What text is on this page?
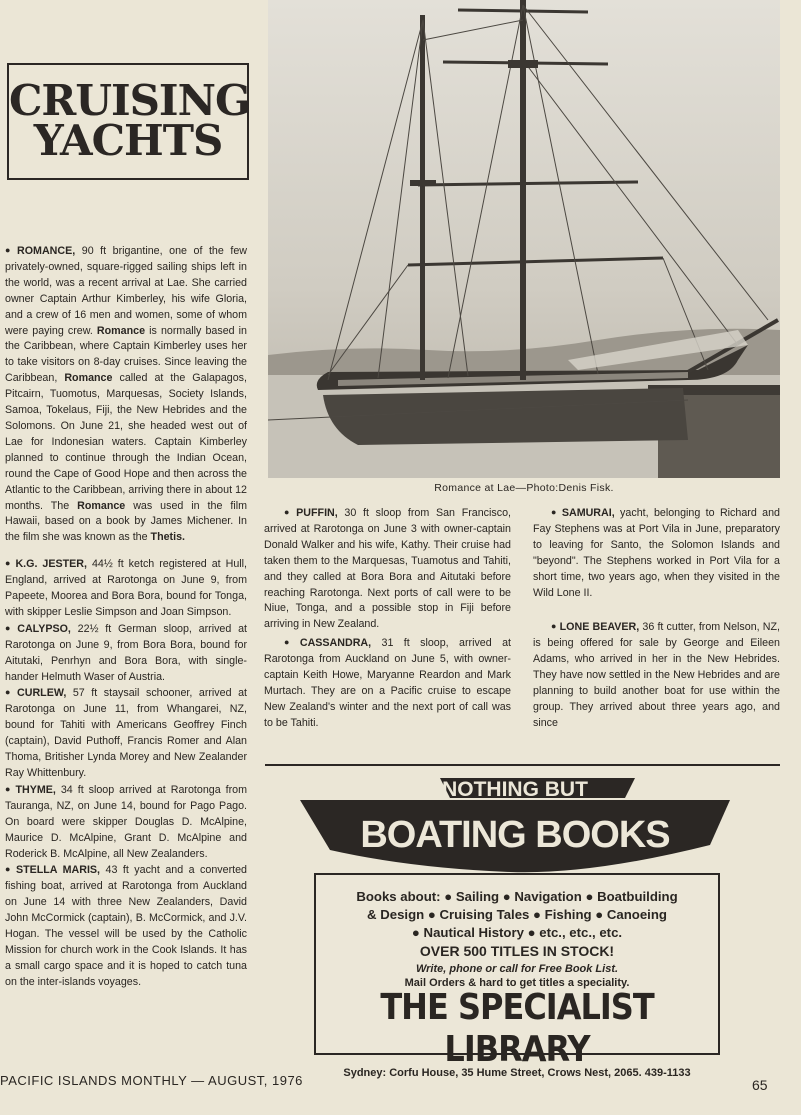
CRUISING
YACHTS

● ROMANCE, 90 ft brigantine, one of the few privately-owned, square-rigged sailing ships left in the world, was a recent arrival at Lae. She carried owner Captain Arthur Kimberley, his wife Gloria, and a crew of 16 men and women, some of whom were paying crew. Romance is normally based in the Caribbean, where Captain Kimberley uses her to take visitors on 8-day cruises. Since leaving the Caribbean, Romance called at the Galapagos, Pitcairn, Tuomotus, Marquesas, Society Islands, Samoa, Tokelaus, Fiji, the New Hebrides and the Solomons. On June 21, she headed west out of Lae for Indonesian waters. Captain Kimberley planned to continue through the Indian Ocean, round the Cape of Good Hope and then across the Atlantic to the Caribbean, arriving there in about 12 months. The Romance was used in the film Hawaii, based on a book by James Michener. In the film she was known as the Thetis.

● K.G. JESTER, 44½ ft ketch registered at Hull, England, arrived at Rarotonga on June 9, from Papeete, Moorea and Bora Bora, bound for Tonga, with skipper Leslie Simpson and Joan Simpson.

● CALYPSO, 22½ ft German sloop, arrived at Rarotonga on June 9, from Bora Bora, bound for Aitutaki, Penrhyn and Bora Bora, with single-hander Helmuth Waser of Austria.

● CURLEW, 57 ft staysail schooner, arrived at Rarotonga on June 11, from Whangarei, NZ, bound for Tahiti with Americans Geoffrey Finch (captain), David Puthoff, Francis Romer and Alan Thoma, Britisher Lynda Morey and New Zealander Ray Whittenbury.

● THYME, 34 ft sloop arrived at Rarotonga from Tauranga, NZ, on June 14, bound for Pago Pago. On board were skipper Douglas D. McAlpine, Maurice D. McAlpine, Grant D. McAlpine and Roderick B. McAlpine, all New Zealanders.

● STELLA MARIS, 43 ft yacht and a converted fishing boat, arrived at Rarotonga from Auckland on June 14 with three New Zealanders, David John McCormick (captain), B. McCormick, and J.V. Hogan. The vessel will be used by the Catholic Mission for church work in the Cook Islands. It has a small cargo space and it is hoped to catch tuna on the inter-islands voyages.

Romance at Lae—Photo:Denis Fisk.

● PUFFIN, 30 ft sloop from San Francisco, arrived at Rarotonga on June 3 with owner-captain Donald Walker and his wife, Kathy. Their cruise had taken them to the Marquesas, Tuamotus and Tahiti, and they called at Bora Bora and Aitutaki before reaching Rarotonga. Next ports of call were to be Niue, Tonga, and a possible stop in Fiji before arriving in New Zealand.

● CASSANDRA, 31 ft sloop, arrived at Rarotonga from Auckland on June 5, with owner-captain Keith Howe, Maryanne Reardon and Mark Murtach. They are on a Pacific cruise to escape New Zealand's winter and the next port of call was to be Tahiti.

● SAMURAI, yacht, belonging to Richard and Fay Stephens was at Port Vila in June, preparatory to leaving for Santo, the Solomon Islands and "beyond". The Stephens worked in Port Vila for a short time, two years ago, when they visited in the Wild Lone II.

● LONE BEAVER, 36 ft cutter, from Nelson, NZ, is being offered for sale by George and Eileen Adams, who arrived in her in the New Hebrides. They have now settled in the New Hebrides and are planning to build another boat for use within the group. They arrived about three years ago, and since

NOTHING BUT
BOATING BOOKS
Books about: ● Sailing ● Navigation ● Boatbuilding
& Design ● Cruising Tales ● Fishing ● Canoeing
● Nautical History ● etc., etc., etc.
OVER 500 TITLES IN STOCK!
Write, phone or call for Free Book List.
Mail Orders & hard to get titles a speciality.
THE SPECIALIST LIBRARY
Sydney: Corfu House, 35 Hume Street, Crows Nest, 2065. 439-1133
PACIFIC ISLANDS MONTHLY — AUGUST, 1976	65
